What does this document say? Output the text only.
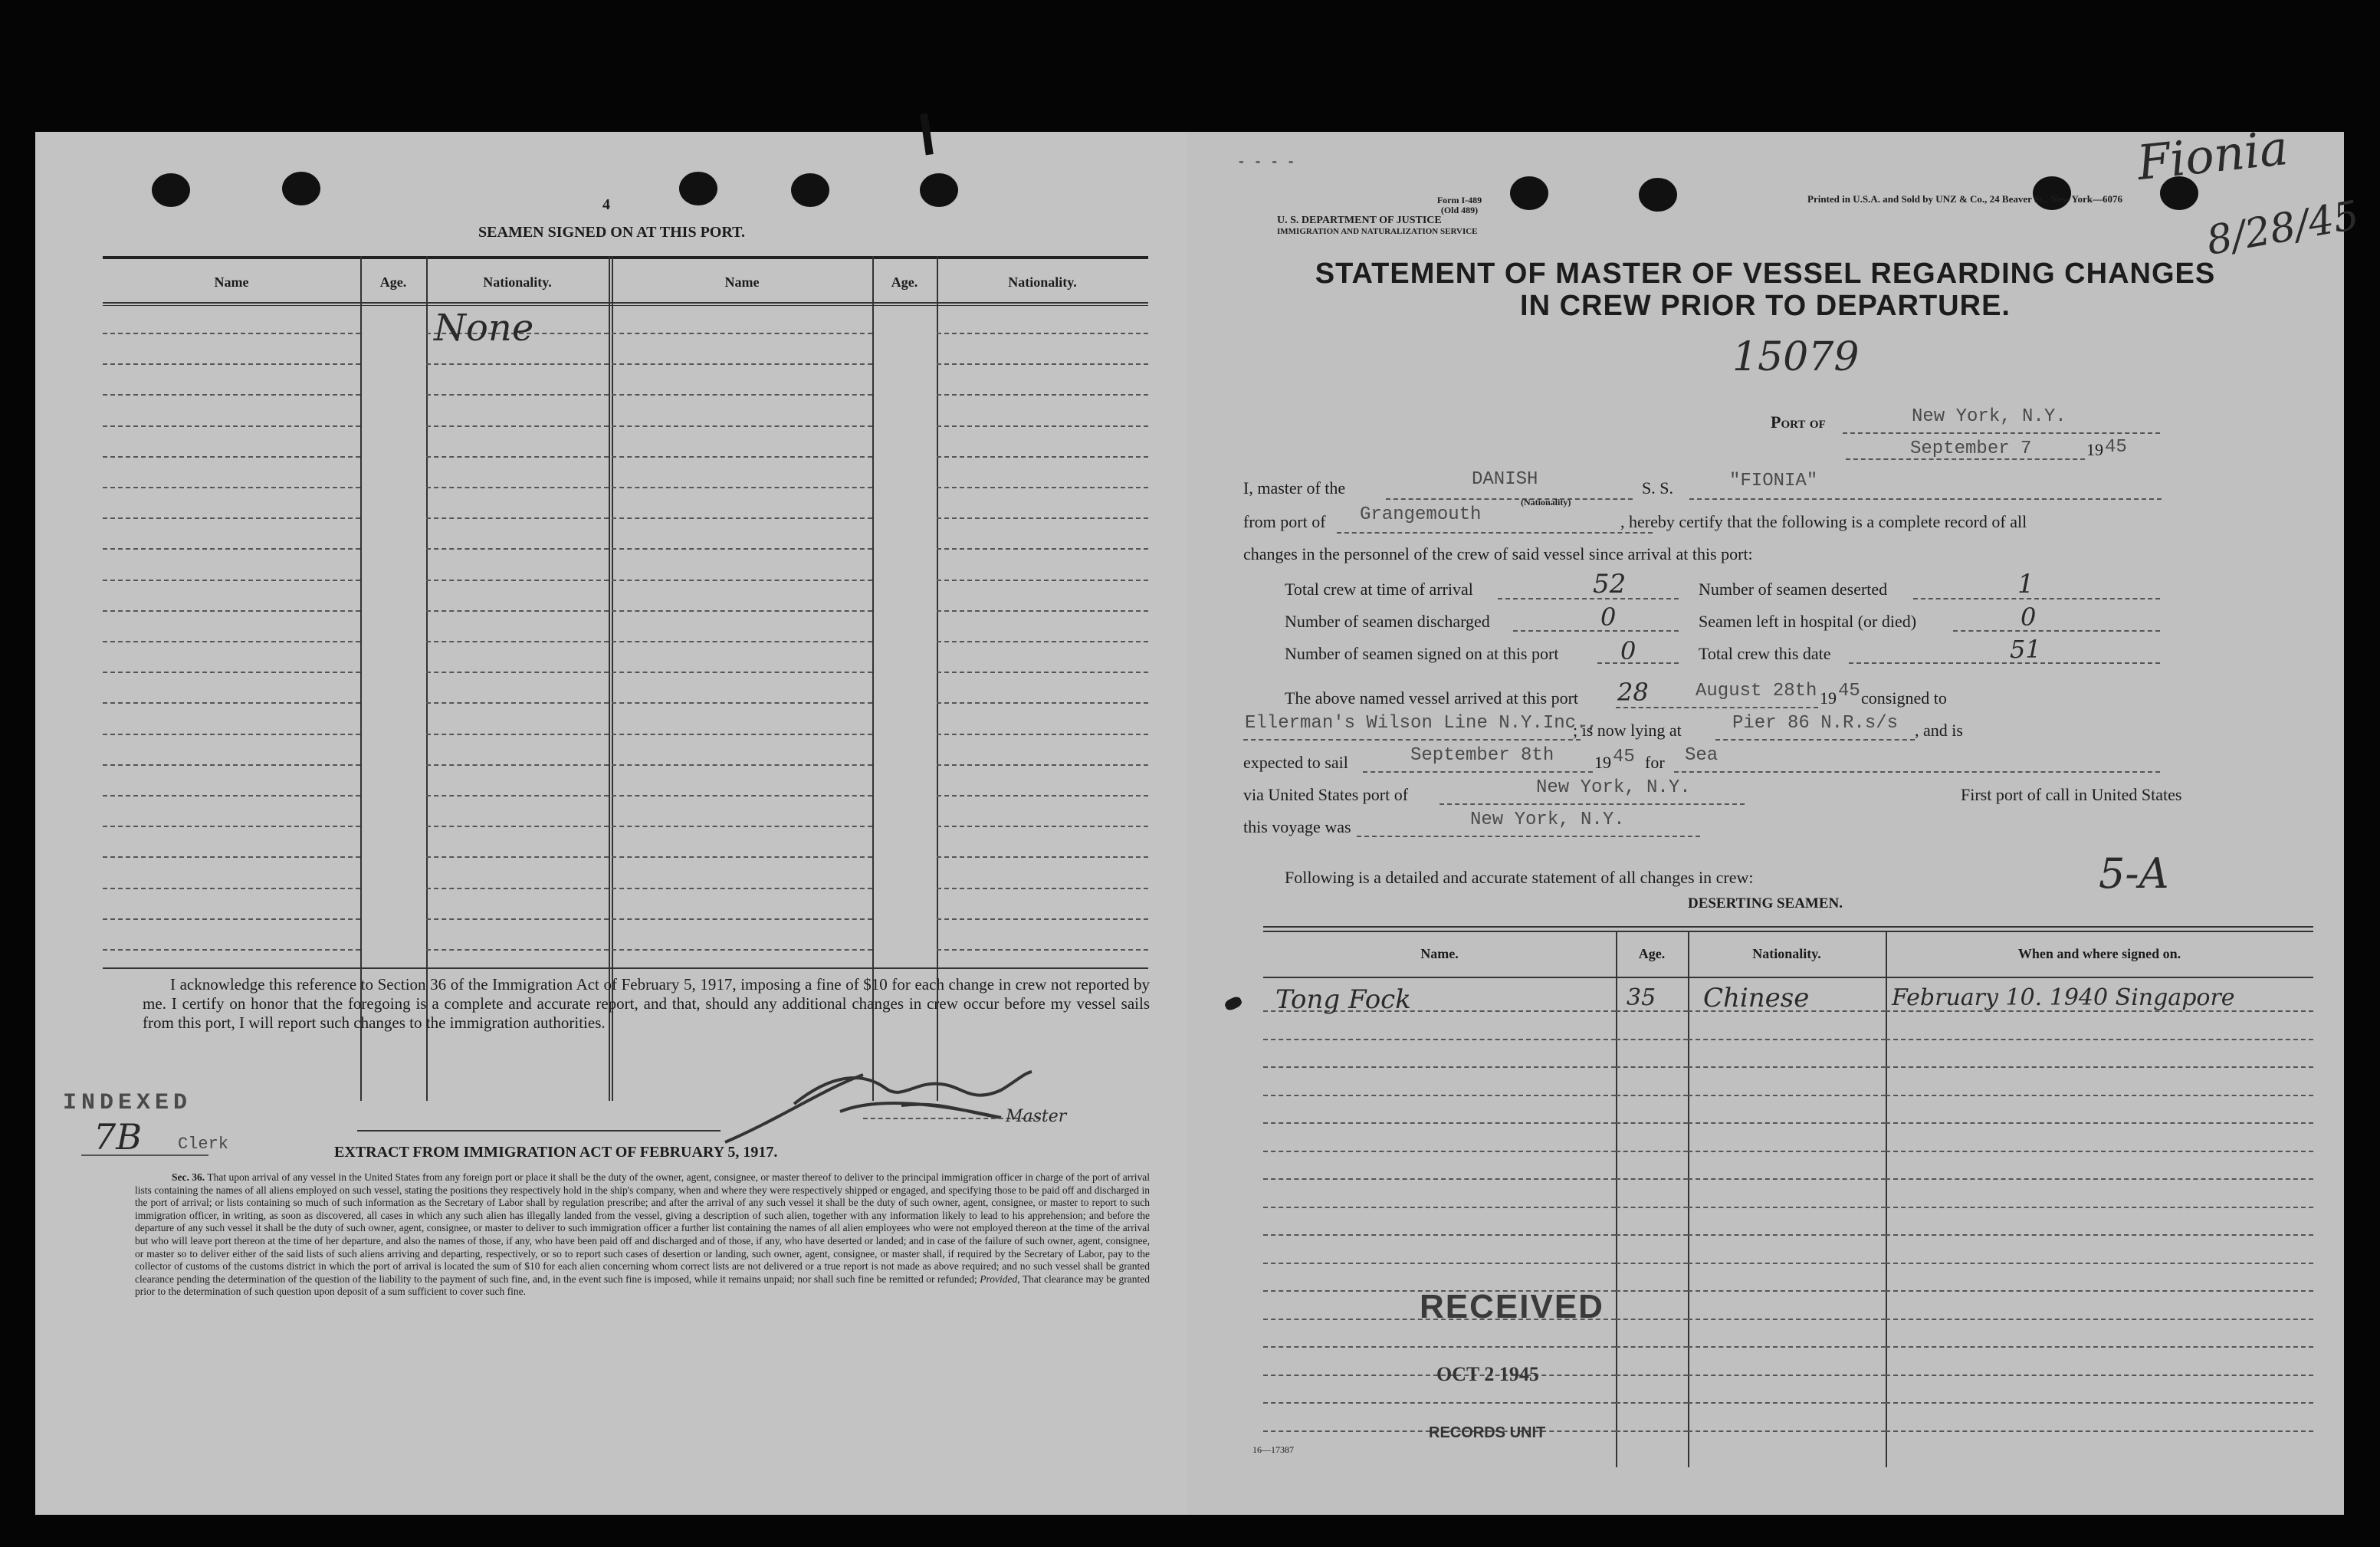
4
SEAMEN SIGNED ON AT THIS PORT.
Name	Age.	Nationality.	Name	Age.	Nationality.
None
I acknowledge this reference to Section 36 of the Immigration Act of February 5, 1917, imposing a fine of $10 for each change in crew not reported by me. I certify on honor that the foregoing is a complete and accurate report, and that, should any additional changes in crew occur before my vessel sails from this port, I will report such changes to the immigration authorities.
INDEXED
7B Clerk
Master
EXTRACT FROM IMMIGRATION ACT OF FEBRUARY 5, 1917.
Sec. 36. That upon arrival of any vessel in the United States from any foreign port or place it shall be the duty of the owner, agent, consignee, or master thereof to deliver to the principal immigration officer in charge of the port of arrival lists containing the names of all aliens employed on such vessel, stating the positions they respectively hold in the ship's company, when and where they were respectively shipped or engaged, and specifying those to be paid off and discharged in the port of arrival; or lists containing so much of such information as the Secretary of Labor shall by regulation prescribe; and after the arrival of any such vessel it shall be the duty of such owner, agent, consignee, or master to report to such immigration officer, in writing, as soon as discovered, all cases in which any such alien has illegally landed from the vessel, giving a description of such alien, together with any information likely to lead to his apprehension; and before the departure of any such vessel it shall be the duty of such owner, agent, consignee, or master to deliver to such immigration officer a further list containing the names of all alien employees who were not employed thereon at the time of the arrival but who will leave port thereon at the time of her departure, and also the names of those, if any, who have been paid off and discharged and of those, if any, who have deserted or landed; and in case of the failure of such owner, agent, consignee, or master so to deliver either of the said lists of such aliens arriving and departing, respectively, or so to report such cases of desertion or landing, such owner, agent, consignee, or master shall, if required by the Secretary of Labor, pay to the collector of customs of the customs district in which the port of arrival is located the sum of $10 for each alien concerning whom correct lists are not delivered or a true report is not made as above required; and no such vessel shall be granted clearance pending the determination of the question of the liability to the payment of such fine, and, in the event such fine is imposed, while it remains unpaid; nor shall such fine be remitted or refunded; Provided, That clearance may be granted prior to the determination of such question upon deposit of a sum sufficient to cover such fine.
- - - -
Form I-489
(Old 489)
U. S. DEPARTMENT OF JUSTICE
IMMIGRATION AND NATURALIZATION SERVICE
Printed in U.S.A. and Sold by UNZ & Co., 24 Beaver St., New York—6076
Fionia
8/28/45
STATEMENT OF MASTER OF VESSEL REGARDING CHANGES
IN CREW PRIOR TO DEPARTURE.
15079
Port of	New York, N.Y.
September 7	19 45
I, master of the	DANISH
(Nationality)
S. S.	"FIONIA"
from port of Grangemouth	, hereby certify that the following is a complete record of all
changes in the personnel of the crew of said vessel since arrival at this port:
Total crew at time of arrival	52	Number of seamen deserted	1
Number of seamen discharged	0	Seamen left in hospital (or died)	0
Number of seamen signed on at this port	0	Total crew this date	51
The above named vessel arrived at this port 28	August 28th 19 45 consigned to
Ellerman's Wilson Line N.Y.Inc.,
; is now lying at	Pier 86 N.R.s/s , and is
expected to sail	September 8th 19 45 for Sea
via United States port of	New York, N.Y.	First port of call in United States
this voyage was	New York, N.Y.
Following is a detailed and accurate statement of all changes in crew:	5-A
DESERTING SEAMEN.
Name.	Age.	Nationality.	When and where signed on.
Tong Fock	35 Chinese	February 10. 1940 Singapore
RECEIVED
OCT 2 1945
RECORDS UNIT
16—17387
